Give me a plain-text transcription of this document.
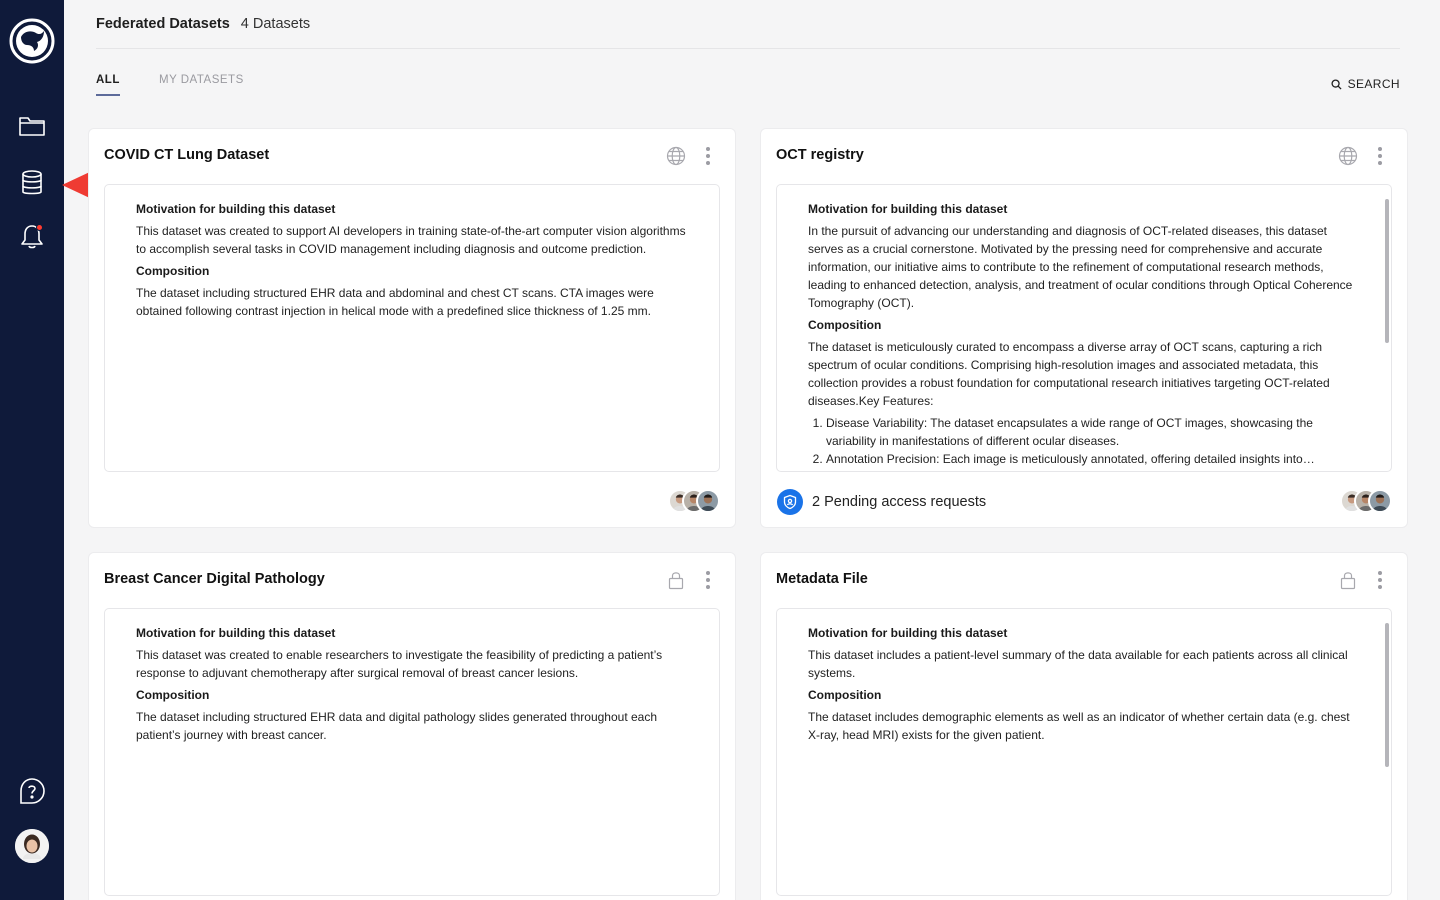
Federated Datasets 4 Datasets
ALL	MY DATASETS	SEARCH
COVID CT Lung Dataset
Motivation for building this dataset

This dataset was created to support AI developers in training state-of-the-art computer vision algorithms to accomplish several tasks in COVID management including diagnosis and outcome prediction.

Composition

The dataset including structured EHR data and abdominal and chest CT scans. CTA images were obtained following contrast injection in helical mode with a predefined slice thickness of 1.25 mm.

OCT registry
Motivation for building this dataset

In the pursuit of advancing our understanding and diagnosis of OCT-related diseases, this dataset serves as a crucial cornerstone. Motivated by the pressing need for comprehensive and accurate information, our initiative aims to contribute to the refinement of computational research methods, leading to enhanced detection, analysis, and treatment of ocular conditions through Optical Coherence Tomography (OCT).

Composition

The dataset is meticulously curated to encompass a diverse array of OCT scans, capturing a rich spectrum of ocular conditions. Comprising high-resolution images and associated metadata, this collection provides a robust foundation for computational research initiatives targeting OCT-related diseases.Key Features:

1. Disease Variability: The dataset encapsulates a wide range of OCT images, showcasing the variability in manifestations of different ocular diseases.
2. Annotation Precision: Each image is meticulously annotated, offering detailed insights into…
2 Pending access requests
Breast Cancer Digital Pathology
Motivation for building this dataset

This dataset was created to enable researchers to investigate the feasibility of predicting a patient’s response to adjuvant chemotherapy after surgical removal of breast cancer lesions.

Composition

The dataset including structured EHR data and digital pathology slides generated throughout each patient’s journey with breast cancer.

Metadata File
Motivation for building this dataset

This dataset includes a patient-level summary of the data available for each patients across all clinical systems.

Composition

The dataset includes demographic elements as well as an indicator of whether certain data (e.g. chest X-ray, head MRI) exists for the given patient.
